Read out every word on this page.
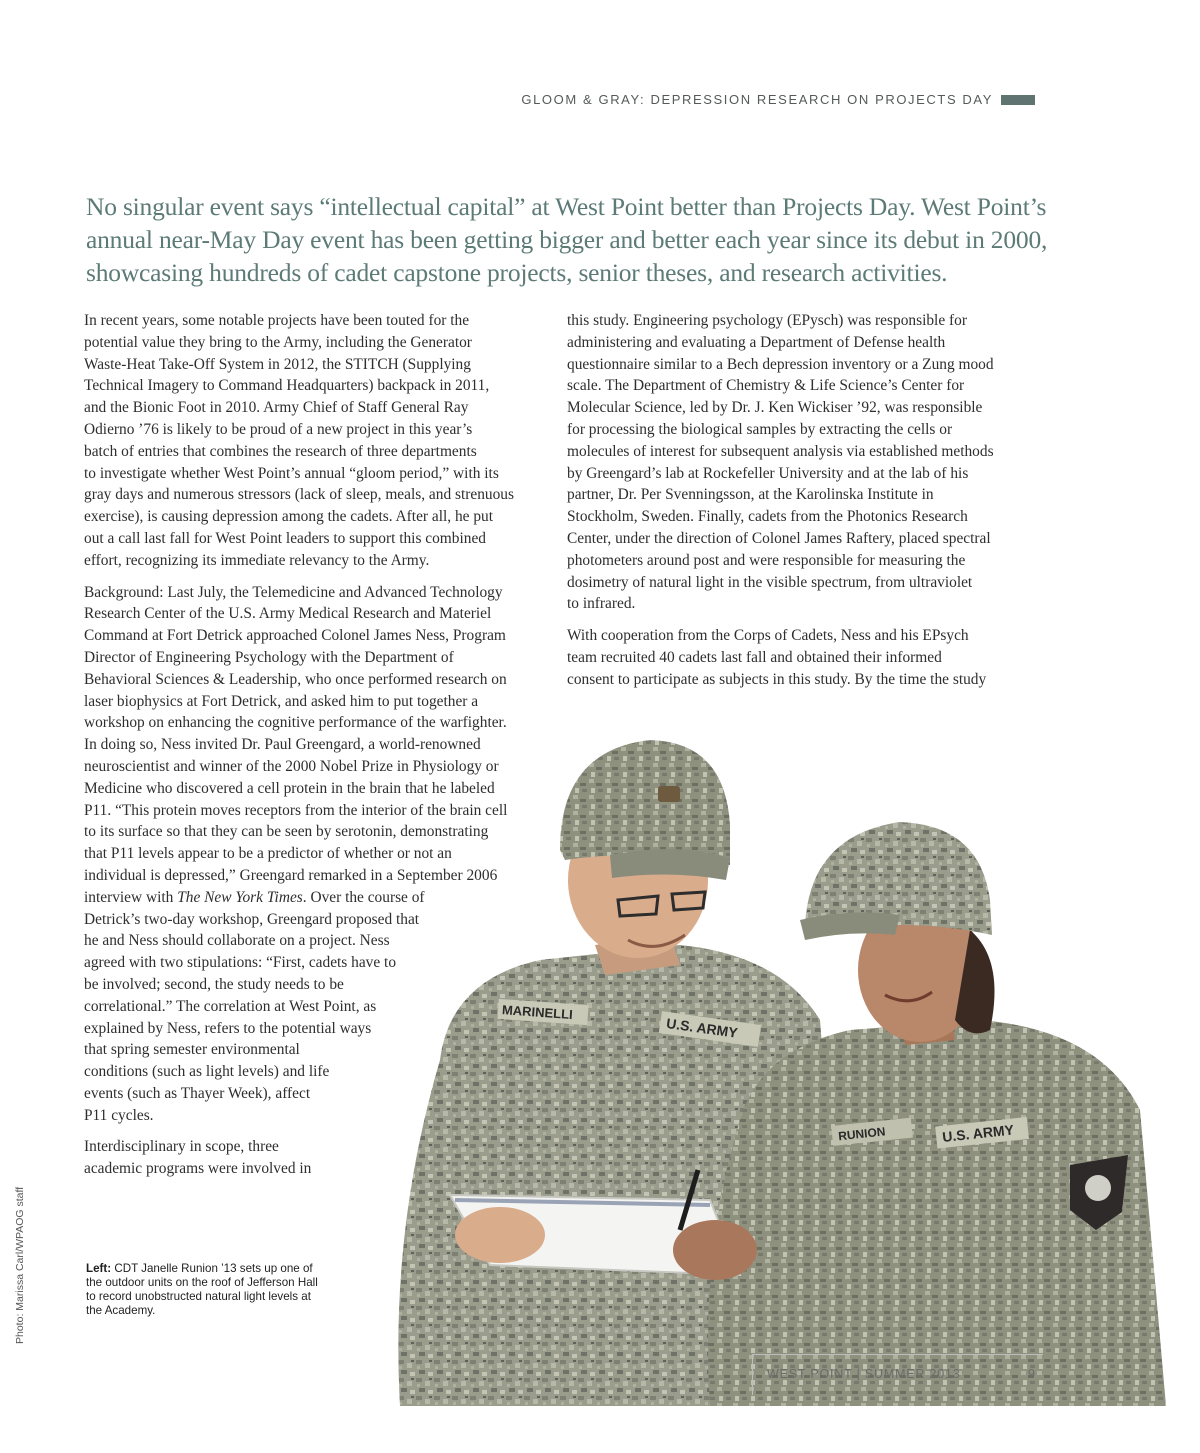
GLOOM & GRAY: DEPRESSION RESEARCH ON PROJECTS DAY

No singular event says “intellectual capital” at West Point better than Projects Day. West Point’s

annual near-May Day event has been getting bigger and better each year since its debut in 2000,

showcasing hundreds of cadet capstone projects, senior theses, and research activities.

In recent years, some notable projects have been touted for the
potential value they bring to the Army, including the Generator
Waste-Heat Take-Off System in 2012, the STITCH (Supplying
Technical Imagery to Command Headquarters) backpack in 2011,
and the Bionic Foot in 2010. Army Chief of Staff General Ray
Odierno ’76 is likely to be proud of a new project in this year’s
batch of entries that combines the research of three departments
to investigate whether West Point’s annual “gloom period,” with its
gray days and numerous stressors (lack of sleep, meals, and strenuous
exercise), is causing depression among the cadets. After all, he put
out a call last fall for West Point leaders to support this combined
effort, recognizing its immediate relevancy to the Army.

Background: Last July, the Telemedicine and Advanced Technology
Research Center of the U.S. Army Medical Research and Materiel
Command at Fort Detrick approached Colonel James Ness, Program
Director of Engineering Psychology with the Department of
Behavioral Sciences & Leadership, who once performed research on
laser biophysics at Fort Detrick, and asked him to put together a
workshop on enhancing the cognitive performance of the warfighter.
In doing so, Ness invited Dr. Paul Greengard, a world-renowned
neuroscientist and winner of the 2000 Nobel Prize in Physiology or
Medicine who discovered a cell protein in the brain that he labeled
P11. “This protein moves receptors from the interior of the brain cell
to its surface so that they can be seen by serotonin, demonstrating
that P11 levels appear to be a predictor of whether or not an
individual is depressed,” Greengard remarked in a September 2006
interview with The New York Times. Over the course of
Detrick’s two-day workshop, Greengard proposed that
he and Ness should collaborate on a project. Ness
agreed with two stipulations: “First, cadets have to
be involved; second, the study needs to be
correlational.” The correlation at West Point, as
explained by Ness, refers to the potential ways
that spring semester environmental
conditions (such as light levels) and life
events (such as Thayer Week), affect
P11 cycles.

Interdisciplinary in scope, three
academic programs were involved in

this study. Engineering psychology (EPysch) was responsible for
administering and evaluating a Department of Defense health
questionnaire similar to a Bech depression inventory or a Zung mood
scale. The Department of Chemistry & Life Science’s Center for
Molecular Science, led by Dr. J. Ken Wickiser ’92, was responsible
for processing the biological samples by extracting the cells or
molecules of interest for subsequent analysis via established methods
by Greengard’s lab at Rockefeller University and at the lab of his
partner, Dr. Per Svenningsson, at the Karolinska Institute in
Stockholm, Sweden. Finally, cadets from the Photonics Research
Center, under the direction of Colonel James Raftery, placed spectral
photometers around post and were responsible for measuring the
dosimetry of natural light in the visible spectrum, from ultraviolet
to infrared.

With cooperation from the Corps of Cadets, Ness and his EPsych
team recruited 40 cadets last fall and obtained their informed
consent to participate as subjects in this study. By the time the study

MARINELLI
U.S. ARMY
RUNION	U.S. ARMY
Left: CDT Janelle Runion ’13 sets up one of
the outdoor units on the roof of Jefferson Hall
to record unobstructed natural light levels at
the Academy.
Photo: Marissa Carl/WPAOG staff
WEST POINT | SUMMER 2013	9
